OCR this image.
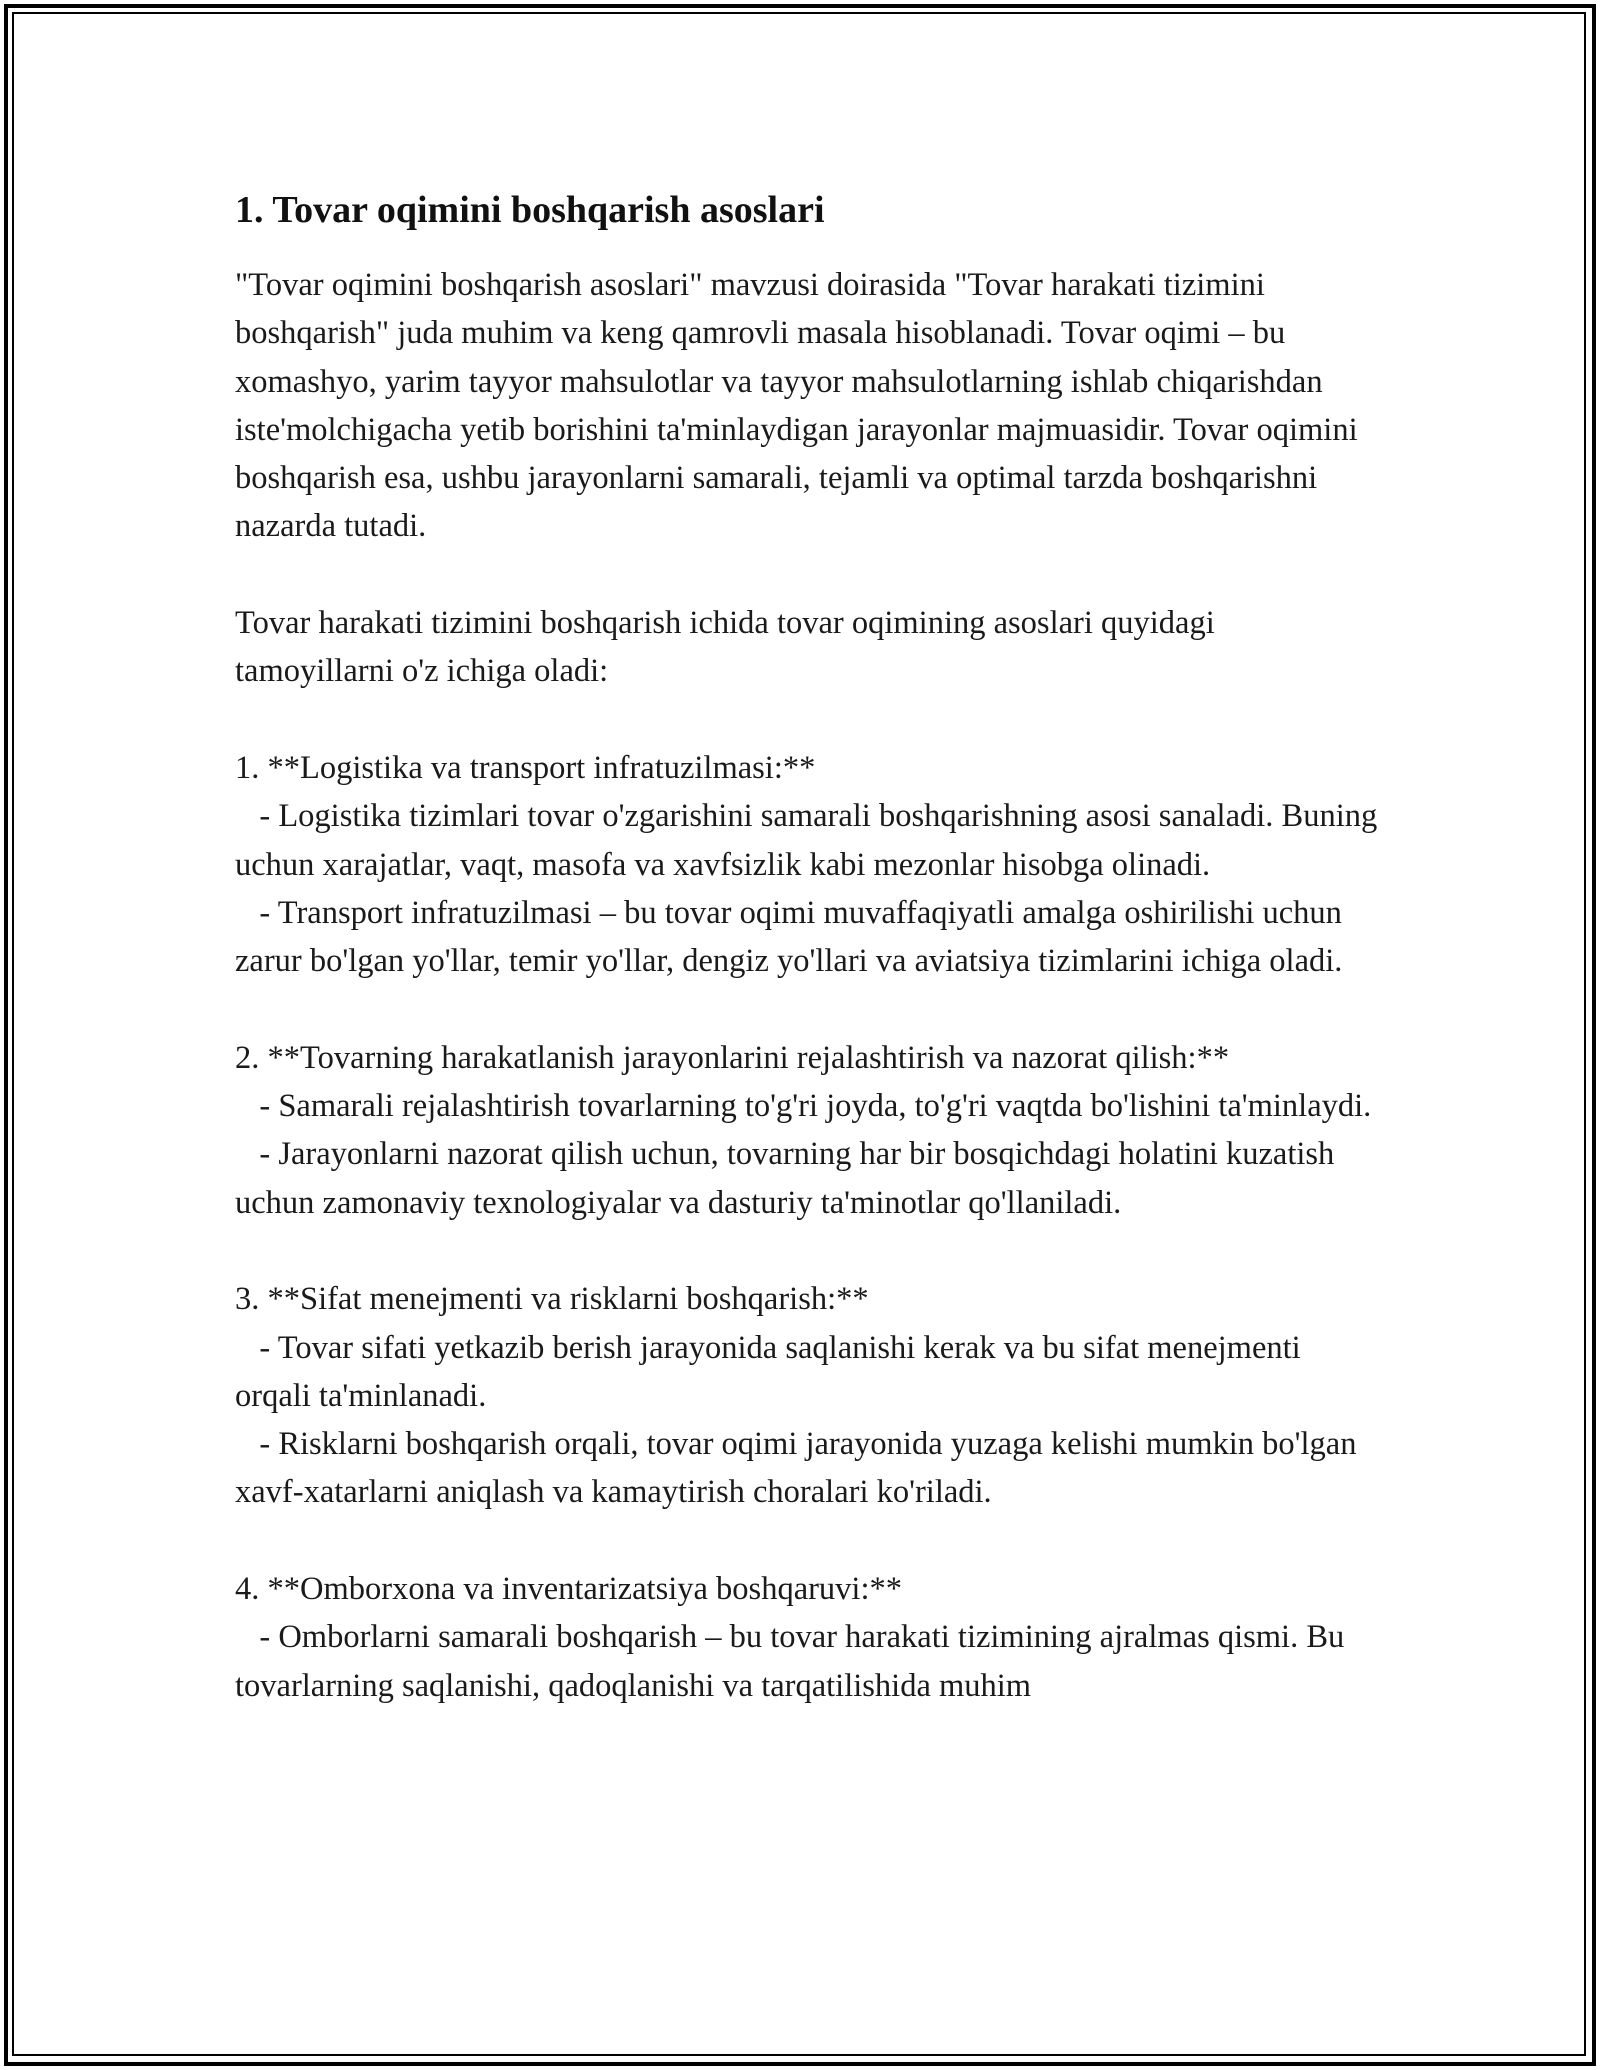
1. Tovar oqimini boshqarish asoslari

"Tovar oqimini boshqarish asoslari" mavzusi doirasida "Tovar harakati tizimini boshqarish" juda muhim va keng qamrovli masala hisoblanadi. Tovar oqimi – bu xomashyo, yarim tayyor mahsulotlar va tayyor mahsulotlarning ishlab chiqarishdan iste'molchigacha yetib borishini ta'minlaydigan jarayonlar majmuasidir. Tovar oqimini boshqarish esa, ushbu jarayonlarni samarali, tejamli va optimal tarzda boshqarishni nazarda tutadi.

Tovar harakati tizimini boshqarish ichida tovar oqimining asoslari quyidagi tamoyillarni o'z ichiga oladi:

1. **Logistika va transport infratuzilmasi:**

- Logistika tizimlari tovar o'zgarishini samarali boshqarishning asosi sanaladi. Buning uchun xarajatlar, vaqt, masofa va xavfsizlik kabi mezonlar hisobga olinadi.

- Transport infratuzilmasi – bu tovar oqimi muvaffaqiyatli amalga oshirilishi uchun zarur bo'lgan yo'llar, temir yo'llar, dengiz yo'llari va aviatsiya tizimlarini ichiga oladi.

2. **Tovarning harakatlanish jarayonlarini rejalashtirish va nazorat qilish:**

- Samarali rejalashtirish tovarlarning to'g'ri joyda, to'g'ri vaqtda bo'lishini ta'minlaydi.

- Jarayonlarni nazorat qilish uchun, tovarning har bir bosqichdagi holatini kuzatish uchun zamonaviy texnologiyalar va dasturiy ta'minotlar qo'llaniladi.

3. **Sifat menejmenti va risklarni boshqarish:**

- Tovar sifati yetkazib berish jarayonida saqlanishi kerak va bu sifat menejmenti orqali ta'minlanadi.

- Risklarni boshqarish orqali, tovar oqimi jarayonida yuzaga kelishi mumkin bo'lgan xavf-xatarlarni aniqlash va kamaytirish choralari ko'riladi.

4. **Omborxona va inventarizatsiya boshqaruvi:**

- Omborlarni samarali boshqarish – bu tovar harakati tizimining ajralmas qismi. Bu tovarlarning saqlanishi, qadoqlanishi va tarqatilishida muhim
